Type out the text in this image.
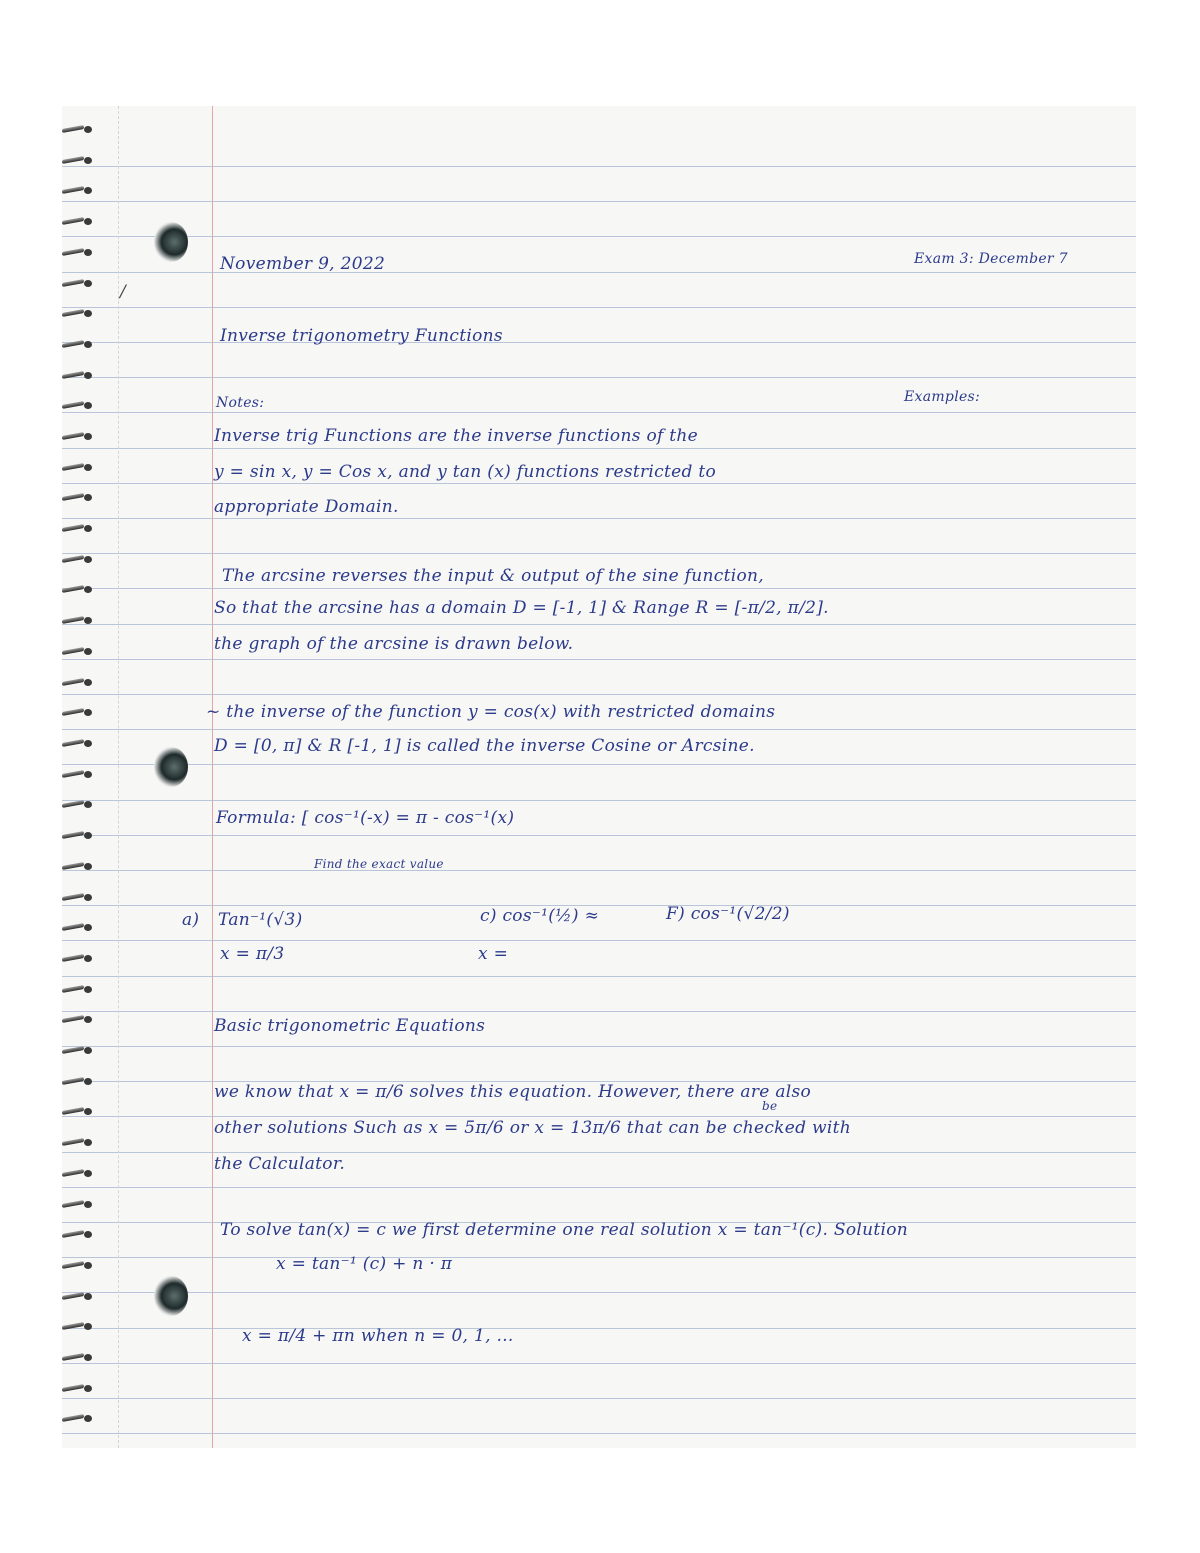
/
November 9, 2022	Exam 3: December 7
Inverse trigonometry Functions
Notes:	Examples:
Inverse trig Functions are the inverse functions of the
y = sin x, y = Cos x, and y tan (x) functions restricted to
appropriate Domain.
The arcsine reverses the input & output of the sine function,
So that the arcsine has a domain D = [-1, 1] & Range R = [-π/2, π/2].
the graph of the arcsine is drawn below.
~ the inverse of the function y = cos(x) with restricted domains
D = [0, π] & R [-1, 1] is called the inverse Cosine or Arcsine.
Formula: [ cos⁻¹(-x) = π - cos⁻¹(x)
Find the exact value
a) Tan⁻¹(√3)
x = π/3
c) cos⁻¹(½) ≈
x =
F) cos⁻¹(√2/2)
Basic trigonometric Equations
be
we know that x = π/6 solves this equation. However, there are also
other solutions Such as x = 5π/6 or x = 13π/6 that can be checked with
the Calculator.
To solve tan(x) = c we first determine one real solution x = tan⁻¹(c). Solution
x = tan⁻¹ (c) + n · π
x = π/4 + πn when n = 0, 1, ...
